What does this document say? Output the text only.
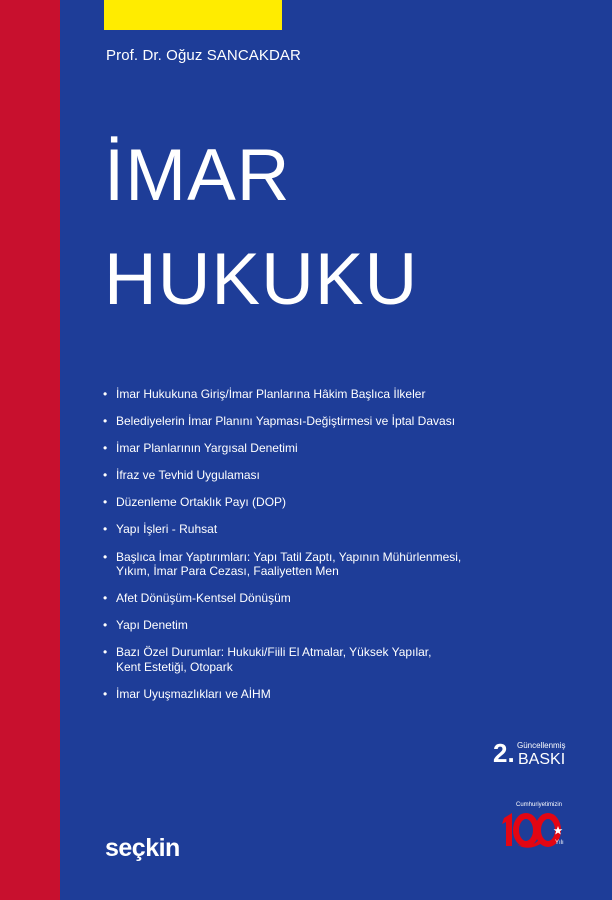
Prof. Dr. Oğuz SANCAKDAR
İMAR
HUKUKU
• İmar Hukukuna Giriş/İmar Planlarına Hâkim Başlıca İlkeler
• Belediyelerin İmar Planını Yapması-Değiştirmesi ve İptal Davası
• İmar Planlarının Yargısal Denetimi
• İfraz ve Tevhid Uygulaması
• Düzenleme Ortaklık Payı (DOP)
• Yapı İşleri - Ruhsat
• Başlıca İmar Yaptırımları: Yapı Tatil Zaptı, Yapının Mühürlenmesi,
Yıkım, İmar Para Cezası, Faaliyetten Men
• Afet Dönüşüm-Kentsel Dönüşüm
• Yapı Denetim
• Bazı Özel Durumlar: Hukuki/Fiili El Atmalar, Yüksek Yapılar,
Kent Estetiği, Otopark
• İmar Uyuşmazlıkları ve AİHM
2. Güncellenmiş
BASKI
seçkin
Cumhuriyetimizin
Yılı
